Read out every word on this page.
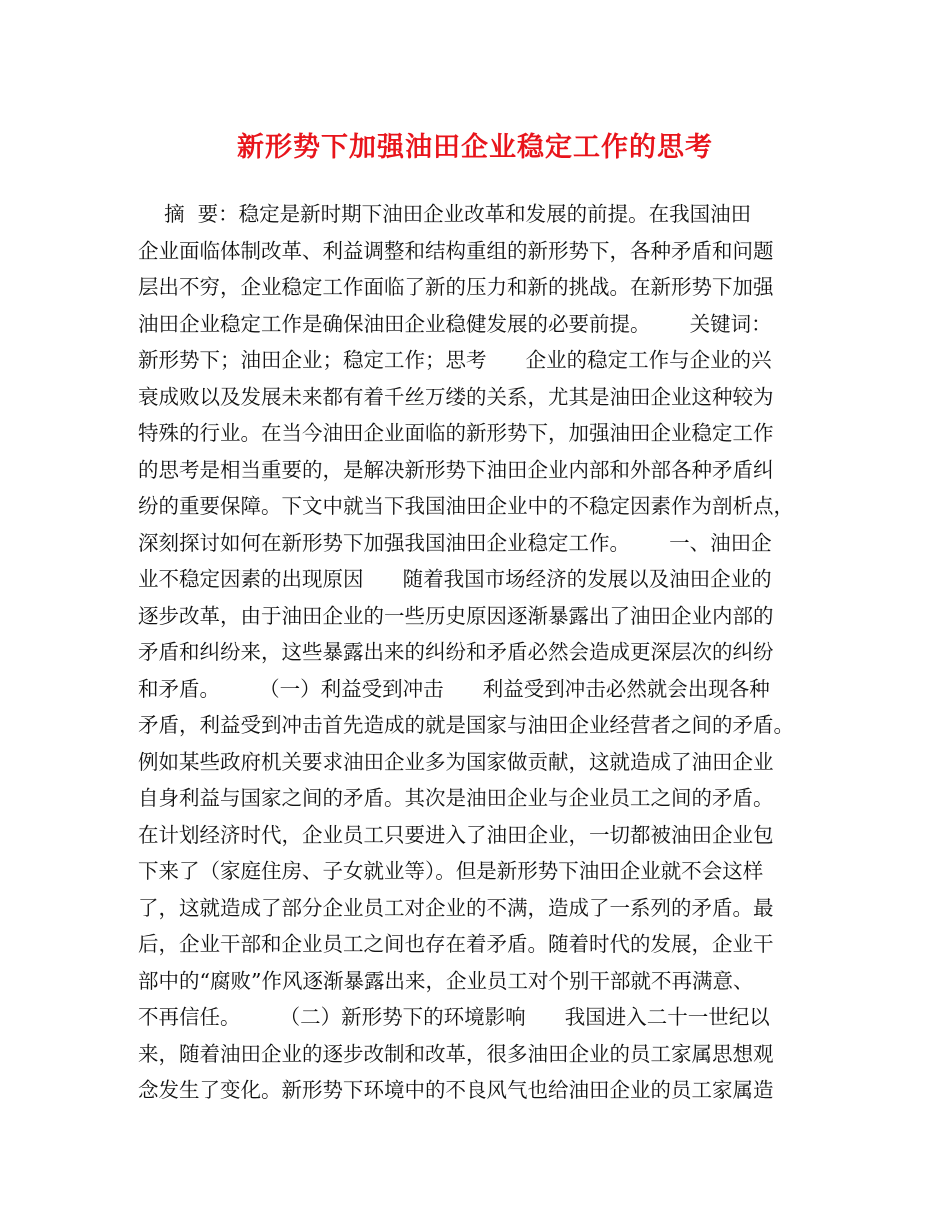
新形势下加强油田企业稳定工作的思考
摘  要：稳定是新时期下油田企业改革和发展的前提。在我国油田
企业面临体制改革、利益调整和结构重组的新形势下，各种矛盾和问题
层出不穷，企业稳定工作面临了新的压力和新的挑战。在新形势下加强
油田企业稳定工作是确保油田企业稳健发展的必要前提。      关键词：
新形势下；油田企业；稳定工作；思考      企业的稳定工作与企业的兴
衰成败以及发展未来都有着千丝万缕的关系，尤其是油田企业这种较为
特殊的行业。在当今油田企业面临的新形势下，加强油田企业稳定工作
的思考是相当重要的，是解决新形势下油田企业内部和外部各种矛盾纠
纷的重要保障。下文中就当下我国油田企业中的不稳定因素作为剖析点，
深刻探讨如何在新形势下加强我国油田企业稳定工作。      一、油田企
业不稳定因素的出现原因      随着我国市场经济的发展以及油田企业的
逐步改革，由于油田企业的一些历史原因逐渐暴露出了油田企业内部的
矛盾和纠纷来，这些暴露出来的纠纷和矛盾必然会造成更深层次的纠纷
和矛盾。      （一）利益受到冲击      利益受到冲击必然就会出现各种
矛盾，利益受到冲击首先造成的就是国家与油田企业经营者之间的矛盾。
例如某些政府机关要求油田企业多为国家做贡献，这就造成了油田企业
自身利益与国家之间的矛盾。其次是油田企业与企业员工之间的矛盾。
在计划经济时代，企业员工只要进入了油田企业，一切都被油田企业包
下来了（家庭住房、子女就业等）。但是新形势下油田企业就不会这样
了，这就造成了部分企业员工对企业的不满，造成了一系列的矛盾。最
后，企业干部和企业员工之间也存在着矛盾。随着时代的发展，企业干
部中的“腐败”作风逐渐暴露出来，企业员工对个别干部就不再满意、
不再信任。      （二）新形势下的环境影响      我国进入二十一世纪以
来，随着油田企业的逐步改制和改革，很多油田企业的员工家属思想观
念发生了变化。新形势下环境中的不良风气也给油田企业的员工家属造
